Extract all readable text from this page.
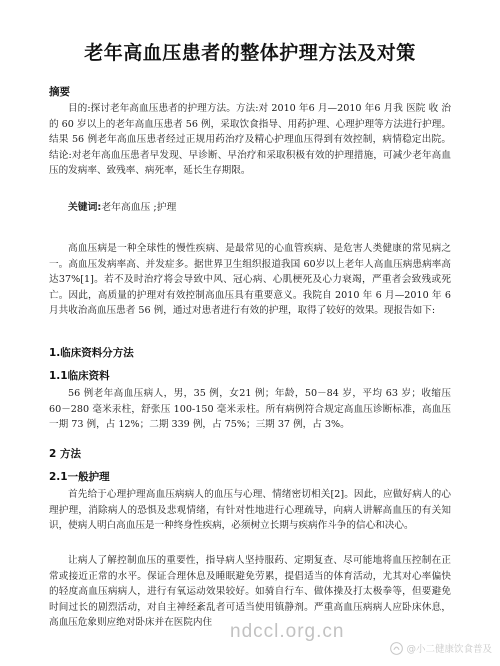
老年高血压患者的整体护理方法及对策
摘要

目的:探讨老年高血压患者的护理方法。方法:对 2010 年6 月—2010 年6 月我 医院 收 治 的 60 岁以上的老年高血压患者 56 例，采取饮食指导、用药护理、心理护理等方法进行护理。结果 56 例老年高血压患者经过正规用药治疗及精心护理血压得到有效控制，病情稳定出院。结论:对老年高血压患者早发现、早诊断、早治疗和采取积极有效的护理措施，可减少老年高血压的发病率、致残率、病死率，延长生存期限。

关键词:老年高血压 ;护理

高血压病是一种全球性的慢性疾病、是最常见的心血管疾病、是危害人类健康的常见病之一。高血压发病率高、并发症多。据世界卫生组织报道我国 60岁以上老年人高血压病患病率高达37%[1]。若不及时治疗将会导致中风、冠心病、心肌梗死及心力衰竭，严重者会致残或死亡。因此，高质量的护理对有效控制高血压具有重要意义。我院自 2010 年 6 月—2010 年 6 月共收治高血压患者 56 例，通过对患者进行有效的护理，取得了较好的效果。现报告如下:

1.临床资料分方法
1.1临床资料

56 例老年高血压病人，男，35 例，女21 例；年龄，50－84 岁，平均 63 岁；收缩压 60－280 毫米汞柱，舒张压 100-150 毫米汞柱。所有病例符合规定高血压诊断标准，高血压一期 73 例，占 12%；二期 339 例，占 75%；三期 37 例，占 3%。

2 方法
2.1一般护理

首先给于心理护理高血压病病人的血压与心理、情绪密切相关[2]。因此，应做好病人的心理护理，消除病人的恐惧及悲观情绪，有针对性地进行心理疏导，向病人讲解高血压的有关知识，使病人明白高血压是一种终身性疾病，必须树立长期与疾病作斗争的信心和决心。

让病人了解控制血压的重要性，指导病人坚持服药、定期复查、尽可能地将血压控制在正常或接近正常的水平。保证合理休息及睡眠避免劳累，提倡适当的体育活动，尤其对心率偏快的轻度高血压病病人，进行有氧运动效果较好。如骑自行车、做体操及打太极拳等，但要避免时间过长的剧烈活动，对自主神经紊乱者可适当使用镇静剂。严重高血压病病人应卧床休息，高血压危象则应绝对卧床并在医院内住 ndccl.org.cn
@小二健康饮食普及
